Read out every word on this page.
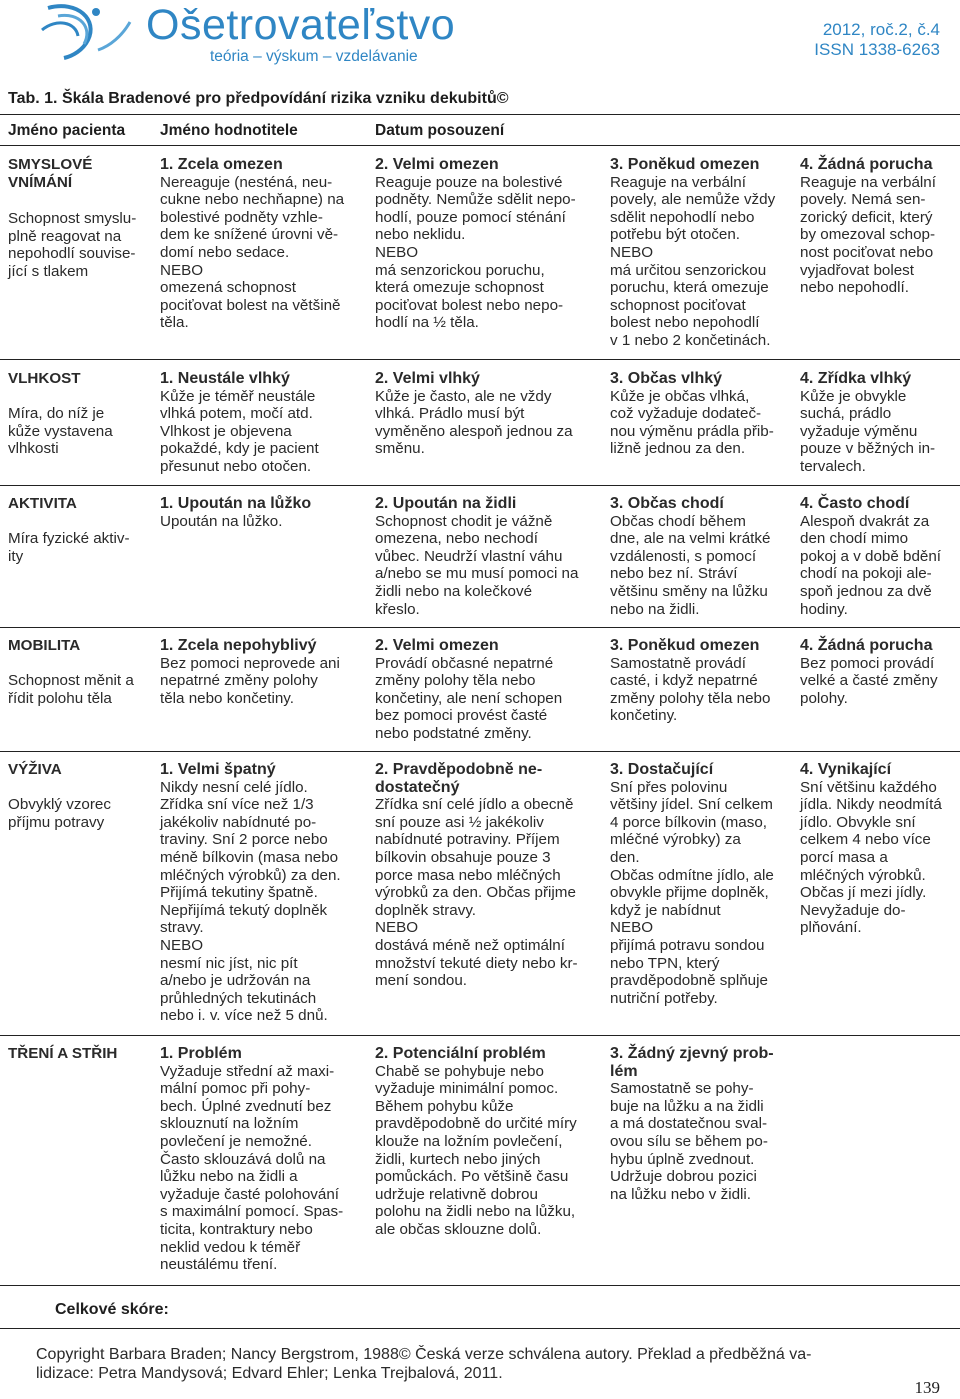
Ošetrovateľstvo
teória – výskum – vzdelávanie
2012, roč.2, č.4
ISSN 1338-6263
Tab. 1. Škála Bradenové pro předpovídání rizika vzniku dekubitů©
Jméno pacienta Jméno hodnotitele	Datum posouzení
SMYSLOVÉ
VNÍMÁNÍ
Schopnost smyslu-
plně reagovat na
nepohodlí souvise-
jící s tlakem
1. Zcela omezen
Nereaguje (nesténá, neu-
cukne nebo nechňapne) na
bolestivé podněty vzhle-
dem ke snížené úrovni vě-
domí nebo sedace.
NEBO
omezená schopnost
pociťovat bolest na většině
těla.
2. Velmi omezen
Reaguje pouze na bolestivé
podněty. Nemůže sdělit nepo-
hodlí, pouze pomocí sténání
nebo neklidu.
NEBO
má senzorickou poruchu,
která omezuje schopnost
pociťovat bolest nebo nepo-
hodlí na ½ těla.
3. Poněkud omezen
Reaguje na verbální
povely, ale nemůže vždy
sdělit nepohodlí nebo
potřebu být otočen.
NEBO
má určitou senzorickou
poruchu, která omezuje
schopnost pociťovat
bolest nebo nepohodlí
v 1 nebo 2 končetinách.
4. Žádná porucha
Reaguje na verbální
povely. Nemá sen-
zorický deficit, který
by omezoval schop-
nost pociťovat nebo
vyjadřovat bolest
nebo nepohodlí.
VLHKOST
Míra, do níž je
kůže vystavena
vlhkosti
1. Neustále vlhký
Kůže je téměř neustále
vlhká potem, močí atd.
Vlhkost je objevena
pokaždé, kdy je pacient
přesunut nebo otočen.
2. Velmi vlhký
Kůže je často, ale ne vždy
vlhká. Prádlo musí být
vyměněno alespoň jednou za
směnu.
3. Občas vlhký
Kůže je občas vlhká,
což vyžaduje dodateč-
nou výměnu prádla přib-
ližně jednou za den.
4. Zřídka vlhký
Kůže je obvykle
suchá, prádlo
vyžaduje výměnu
pouze v běžných in-
tervalech.
AKTIVITA
Míra fyzické aktiv-
ity
1. Upoután na lůžko
Upoután na lůžko.
2. Upoután na židli
Schopnost chodit je vážně
omezena, nebo nechodí
vůbec. Neudrží vlastní váhu
a/nebo se mu musí pomoci na
židli nebo na kolečkové
křeslo.
3. Občas chodí
Občas chodí během
dne, ale na velmi krátké
vzdálenosti, s pomocí
nebo bez ní. Stráví
většinu směny na lůžku
nebo na židli.
4. Často chodí
Alespoň dvakrát za
den chodí mimo
pokoj a v době bdění
chodí na pokoji ale-
spoň jednou za dvě
hodiny.
MOBILITA
Schopnost měnit a
řídit polohu těla
1. Zcela nepohyblivý
Bez pomoci neprovede ani
nepatrné změny polohy
těla nebo končetiny.
2. Velmi omezen
Provádí občasné nepatrné
změny polohy těla nebo
končetiny, ale není schopen
bez pomoci provést časté
nebo podstatné změny.
3. Poněkud omezen
Samostatně provádí
casté, i když nepatrné
změny polohy těla nebo
končetiny.
4. Žádná porucha
Bez pomoci provádí
velké a časté změny
polohy.
VÝŽIVA
Obvyklý vzorec
příjmu potravy
1. Velmi špatný
Nikdy nesní celé jídlo.
Zřídka sní více než 1/3
jakékoliv nabídnuté po-
traviny. Sní 2 porce nebo
méně bílkovin (masa nebo
mléčných výrobků) za den.
Přijímá tekutiny špatně.
Nepřijímá tekutý doplněk
stravy.
NEBO
nesmí nic jíst, nic pít
a/nebo je udržován na
průhledných tekutinách
nebo i. v. více než 5 dnů.
2. Pravděpodobně ne-
dostatečný
Zřídka sní celé jídlo a obecně
sní pouze asi ½ jakékoliv
nabídnuté potraviny. Příjem
bílkovin obsahuje pouze 3
porce masa nebo mléčných
výrobků za den. Občas přijme
doplněk stravy.
NEBO
dostává méně než optimální
množství tekuté diety nebo kr-
mení sondou.
3. Dostačující
Sní přes polovinu
většiny jídel. Sní celkem
4 porce bílkovin (maso,
mléčné výrobky) za
den.
Občas odmítne jídlo, ale
obvykle přijme doplněk,
když je nabídnut
NEBO
přijímá potravu sondou
nebo TPN, který
pravděpodobně splňuje
nutriční potřeby.
4. Vynikající
Sní většinu každého
jídla. Nikdy neodmítá
jídlo. Obvykle sní
celkem 4 nebo více
porcí masa a
mléčných výrobků.
Občas jí mezi jídly.
Nevyžaduje do-
plňování.
TŘENÍ A STŘIH	1. Problém
Vyžaduje střední až maxi-
mální pomoc při pohy-
bech. Úplné zvednutí bez
sklouznutí na ložním
povlečení je nemožné.
Často sklouzává dolů na
lůžku nebo na židli a
vyžaduje časté polohování
s maximální pomocí. Spas-
ticita, kontraktury nebo
neklid vedou k téměř
neustálému tření.
2. Potenciální problém
Chabě se pohybuje nebo
vyžaduje minimální pomoc.
Během pohybu kůže
pravděpodobně do určité míry
klouže na ložním povlečení,
židli, kurtech nebo jiných
pomůckách. Po většině času
udržuje relativně dobrou
polohu na židli nebo na lůžku,
ale občas sklouzne dolů.
3. Žádný zjevný prob-
lém
Samostatně se pohy-
buje na lůžku a na židli
a má dostatečnou sval-
ovou sílu se během po-
hybu úplně zvednout.
Udržuje dobrou pozici
na lůžku nebo v židli.
Celkové skóre:
Copyright Barbara Braden; Nancy Bergstrom, 1988© Česká verze schválena autory. Překlad a předběžná va-
lidizace: Petra Mandysová; Edvard Ehler; Lenka Trejbalová, 2011.
139
